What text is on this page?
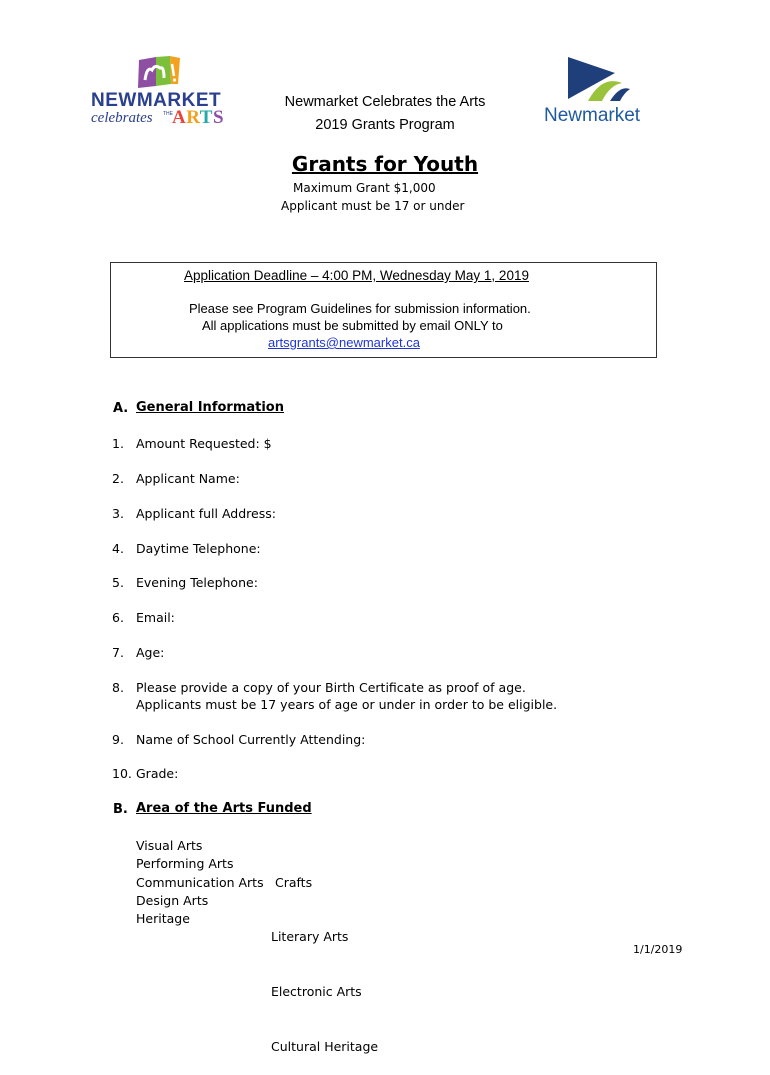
NEWMARKET
celebrates THE ARTS
Newmarket Celebrates the Arts
2019 Grants Program	Newmarket
Grants for Youth
Maximum Grant $1,000
Applicant must be 17 or under
Application Deadline – 4:00 PM, Wednesday May 1, 2019
Please see Program Guidelines for submission information.
All applications must be submitted by email ONLY to
artsgrants@newmarket.ca
A. General Information
1. Amount Requested: $
2. Applicant Name:
3. Applicant full Address:
4. Daytime Telephone:
5. Evening Telephone:
6. Email:
7. Age:
8. Please provide a copy of your Birth Certificate as proof of age.
Applicants must be 17 years of age or under in order to be eligible.
9. Name of School Currently Attending:
10. Grade:
B. Area of the Arts Funded
Visual Arts
Performing Arts
Communication Arts
Design Arts
Heritage

Crafts

Literary Arts

Electronic Arts

Cultural Heritage

1/1/2019
